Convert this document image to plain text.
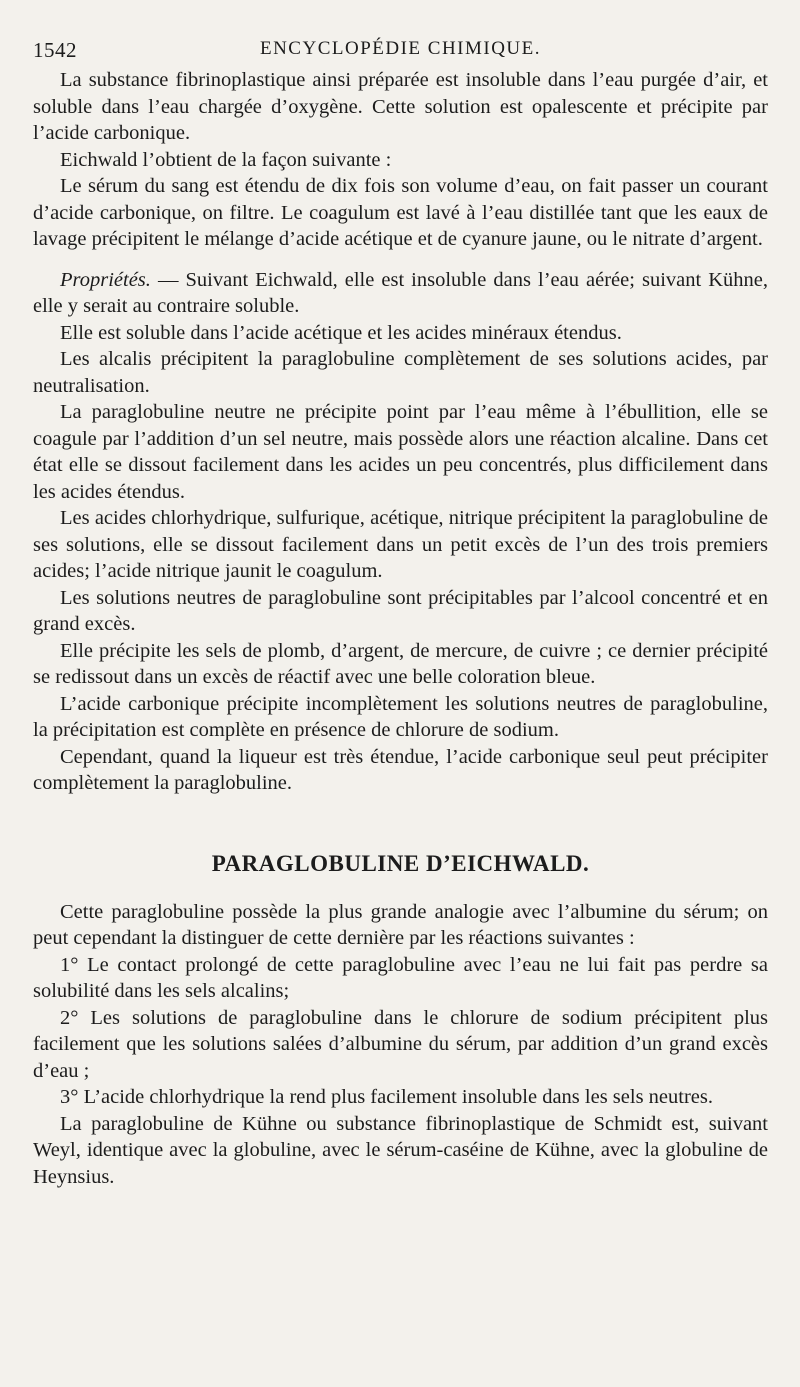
1542	ENCYCLOPÉDIE CHIMIQUE.

La substance fibrinoplastique ainsi préparée est insoluble dans l’eau purgée d’air, et soluble dans l’eau chargée d’oxygène. Cette solution est opalescente et précipite par l’acide carbonique.

Eichwald l’obtient de la façon suivante :

Le sérum du sang est étendu de dix fois son volume d’eau, on fait passer un courant d’acide carbonique, on filtre. Le coagulum est lavé à l’eau distillée tant que les eaux de lavage précipitent le mélange d’acide acétique et de cyanure jaune, ou le nitrate d’argent.

Propriétés. — Suivant Eichwald, elle est insoluble dans l’eau aérée; suivant Kühne, elle y serait au contraire soluble.

Elle est soluble dans l’acide acétique et les acides minéraux étendus.

Les alcalis précipitent la paraglobuline complètement de ses solutions acides, par neutralisation.

La paraglobuline neutre ne précipite point par l’eau même à l’ébullition, elle se coagule par l’addition d’un sel neutre, mais possède alors une réaction alcaline. Dans cet état elle se dissout facilement dans les acides un peu concentrés, plus difficilement dans les acides étendus.

Les acides chlorhydrique, sulfurique, acétique, nitrique précipitent la paraglobuline de ses solutions, elle se dissout facilement dans un petit excès de l’un des trois premiers acides; l’acide nitrique jaunit le coagulum.

Les solutions neutres de paraglobuline sont précipitables par l’alcool concentré et en grand excès.

Elle précipite les sels de plomb, d’argent, de mercure, de cuivre ; ce dernier précipité se redissout dans un excès de réactif avec une belle coloration bleue.

L’acide carbonique précipite incomplètement les solutions neutres de paraglobuline, la précipitation est complète en présence de chlorure de sodium.

Cependant, quand la liqueur est très étendue, l’acide carbonique seul peut précipiter complètement la paraglobuline.

PARAGLOBULINE D’EICHWALD.

Cette paraglobuline possède la plus grande analogie avec l’albumine du sérum; on peut cependant la distinguer de cette dernière par les réactions suivantes :

1° Le contact prolongé de cette paraglobuline avec l’eau ne lui fait pas perdre sa solubilité dans les sels alcalins;

2° Les solutions de paraglobuline dans le chlorure de sodium précipitent plus facilement que les solutions salées d’albumine du sérum, par addition d’un grand excès d’eau ;

3° L’acide chlorhydrique la rend plus facilement insoluble dans les sels neutres.

La paraglobuline de Kühne ou substance fibrinoplastique de Schmidt est, suivant Weyl, identique avec la globuline, avec le sérum-caséine de Kühne, avec la globuline de Heynsius.
